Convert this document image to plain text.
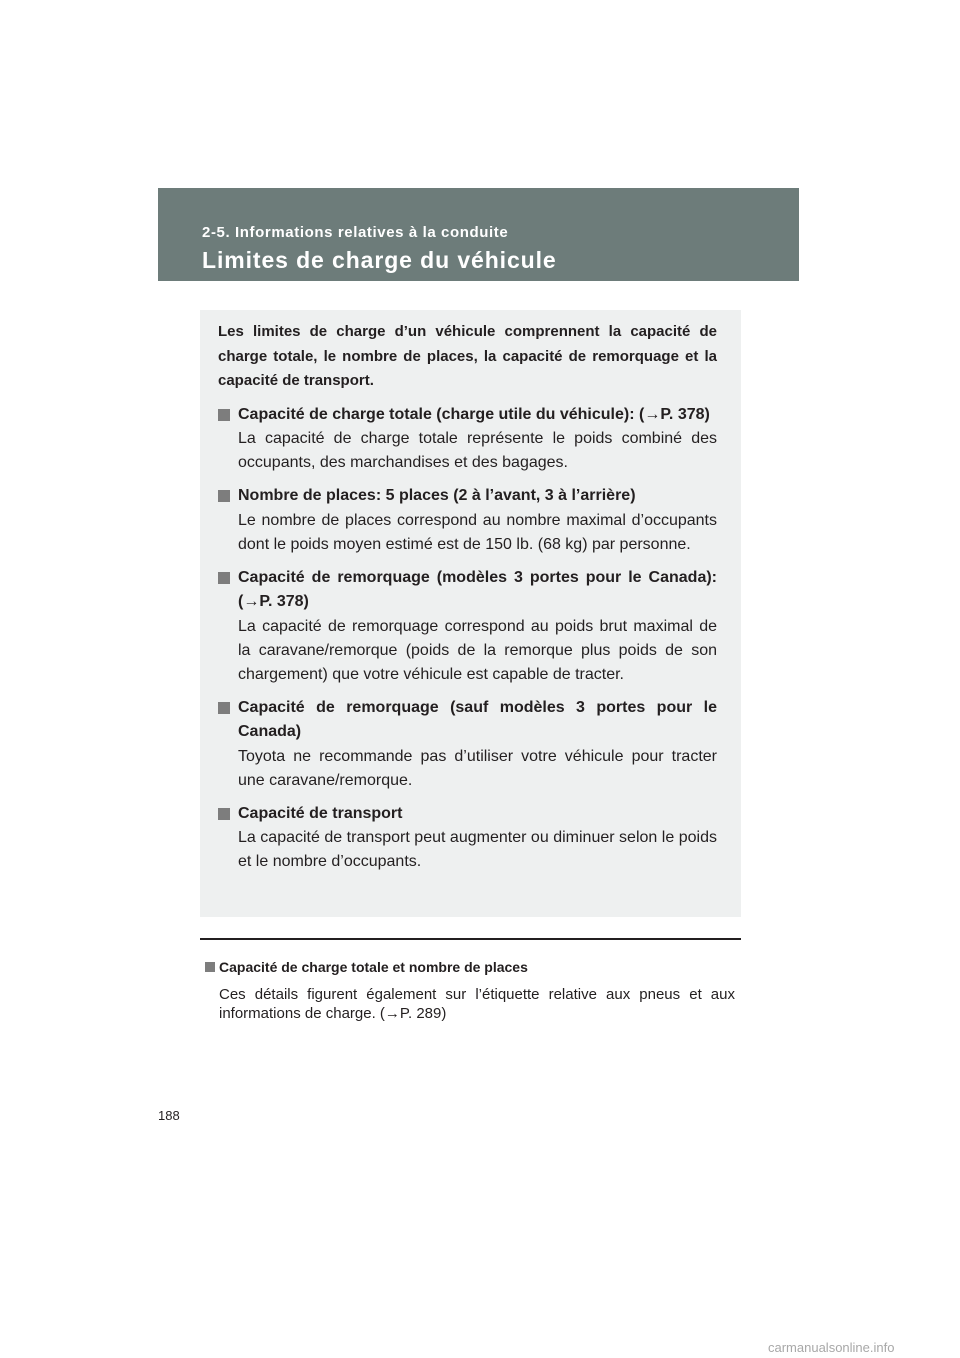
2-5. Informations relatives à la conduite
Limites de charge du véhicule

Les limites de charge d’un véhicule comprennent la capacité de charge totale, le nombre de places, la capacité de remorquage et la capacité de transport.

Capacité de charge totale (charge utile du véhicule): (→P. 378)

La capacité de charge totale représente le poids combiné des occupants, des marchandises et des bagages.

Nombre de places: 5 places (2 à l’avant, 3 à l’arrière)

Le nombre de places correspond au nombre maximal d’occupants dont le poids moyen estimé est de 150 lb. (68 kg) par personne.

Capacité de remorquage (modèles 3 portes pour le Canada): (→P. 378)

La capacité de remorquage correspond au poids brut maximal de la caravane/remorque (poids de la remorque plus poids de son chargement) que votre véhicule est capable de tracter.

Capacité de remorquage (sauf modèles 3 portes pour le Canada)

Toyota ne recommande pas d’utiliser votre véhicule pour tracter une caravane/remorque.

Capacité de transport

La capacité de transport peut augmenter ou diminuer selon le poids et le nombre d’occupants.

Capacité de charge totale et nombre de places

Ces détails figurent également sur l’étiquette relative aux pneus et aux informations de charge. (→P. 289)

188
carmanualsonline.info
